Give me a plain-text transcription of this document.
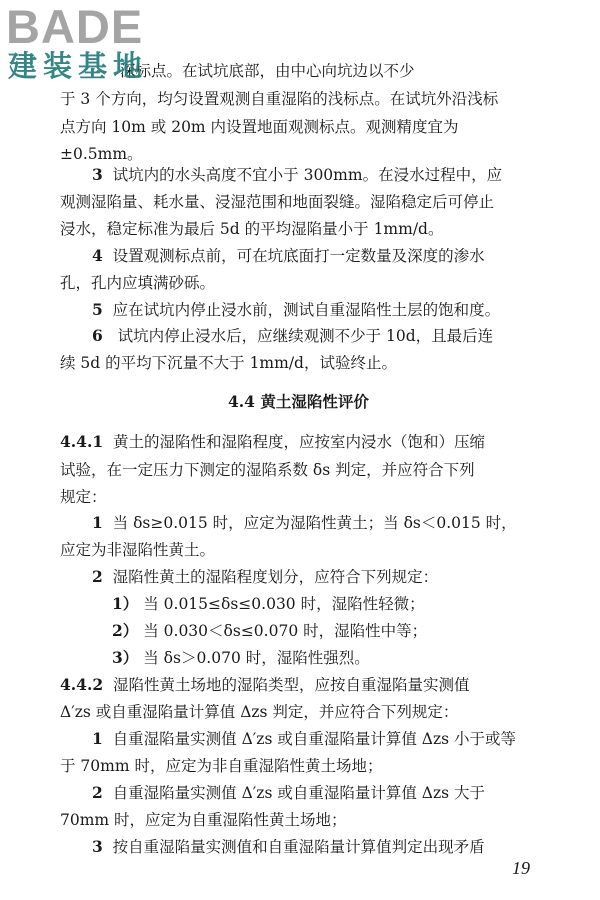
BADE
建装基地
深标点。在试坑底部，由中心向坑边以不少
于 3 个方向，均匀设置观测自重湿陷的浅标点。在试坑外沿浅标
点方向 10m 或 20m 内设置地面观测标点。观测精度宜为
±0.5mm。
3 试坑内的水头高度不宜小于 300mm。在浸水过程中，应
观测湿陷量、耗水量、浸湿范围和地面裂缝。湿陷稳定后可停止
浸水，稳定标准为最后 5d 的平均湿陷量小于 1mm/d。
4 设置观测标点前，可在坑底面打一定数量及深度的渗水
孔，孔内应填满砂砾。
5 应在试坑内停止浸水前，测试自重湿陷性土层的饱和度。
6   试坑内停止浸水后，应继续观测不少于 10d，且最后连
续 5d 的平均下沉量不大于 1mm/d，试验终止。
4.4 黄土湿陷性评价
4.4.1 黄土的湿陷性和湿陷程度，应按室内浸水（饱和）压缩
试验，在一定压力下测定的湿陷系数 δs 判定，并应符合下列
规定：
1 当 δs≥0.015 时，应定为湿陷性黄土；当 δs＜0.015 时，
应定为非湿陷性黄土。
2 湿陷性黄土的湿陷程度划分，应符合下列规定：
1） 当 0.015≤δs≤0.030 时，湿陷性轻微；
2） 当 0.030＜δs≤0.070 时，湿陷性中等；
3） 当 δs＞0.070 时，湿陷性强烈。
4.4.2 湿陷性黄土场地的湿陷类型，应按自重湿陷量实测值
Δ′zs 或自重湿陷量计算值 Δzs 判定，并应符合下列规定：
1 自重湿陷量实测值 Δ′zs 或自重湿陷量计算值 Δzs 小于或等
于 70mm 时，应定为非自重湿陷性黄土场地；
2 自重湿陷量实测值 Δ′zs 或自重湿陷量计算值 Δzs 大于
70mm 时，应定为自重湿陷性黄土场地；
3 按自重湿陷量实测值和自重湿陷量计算值判定出现矛盾
19
